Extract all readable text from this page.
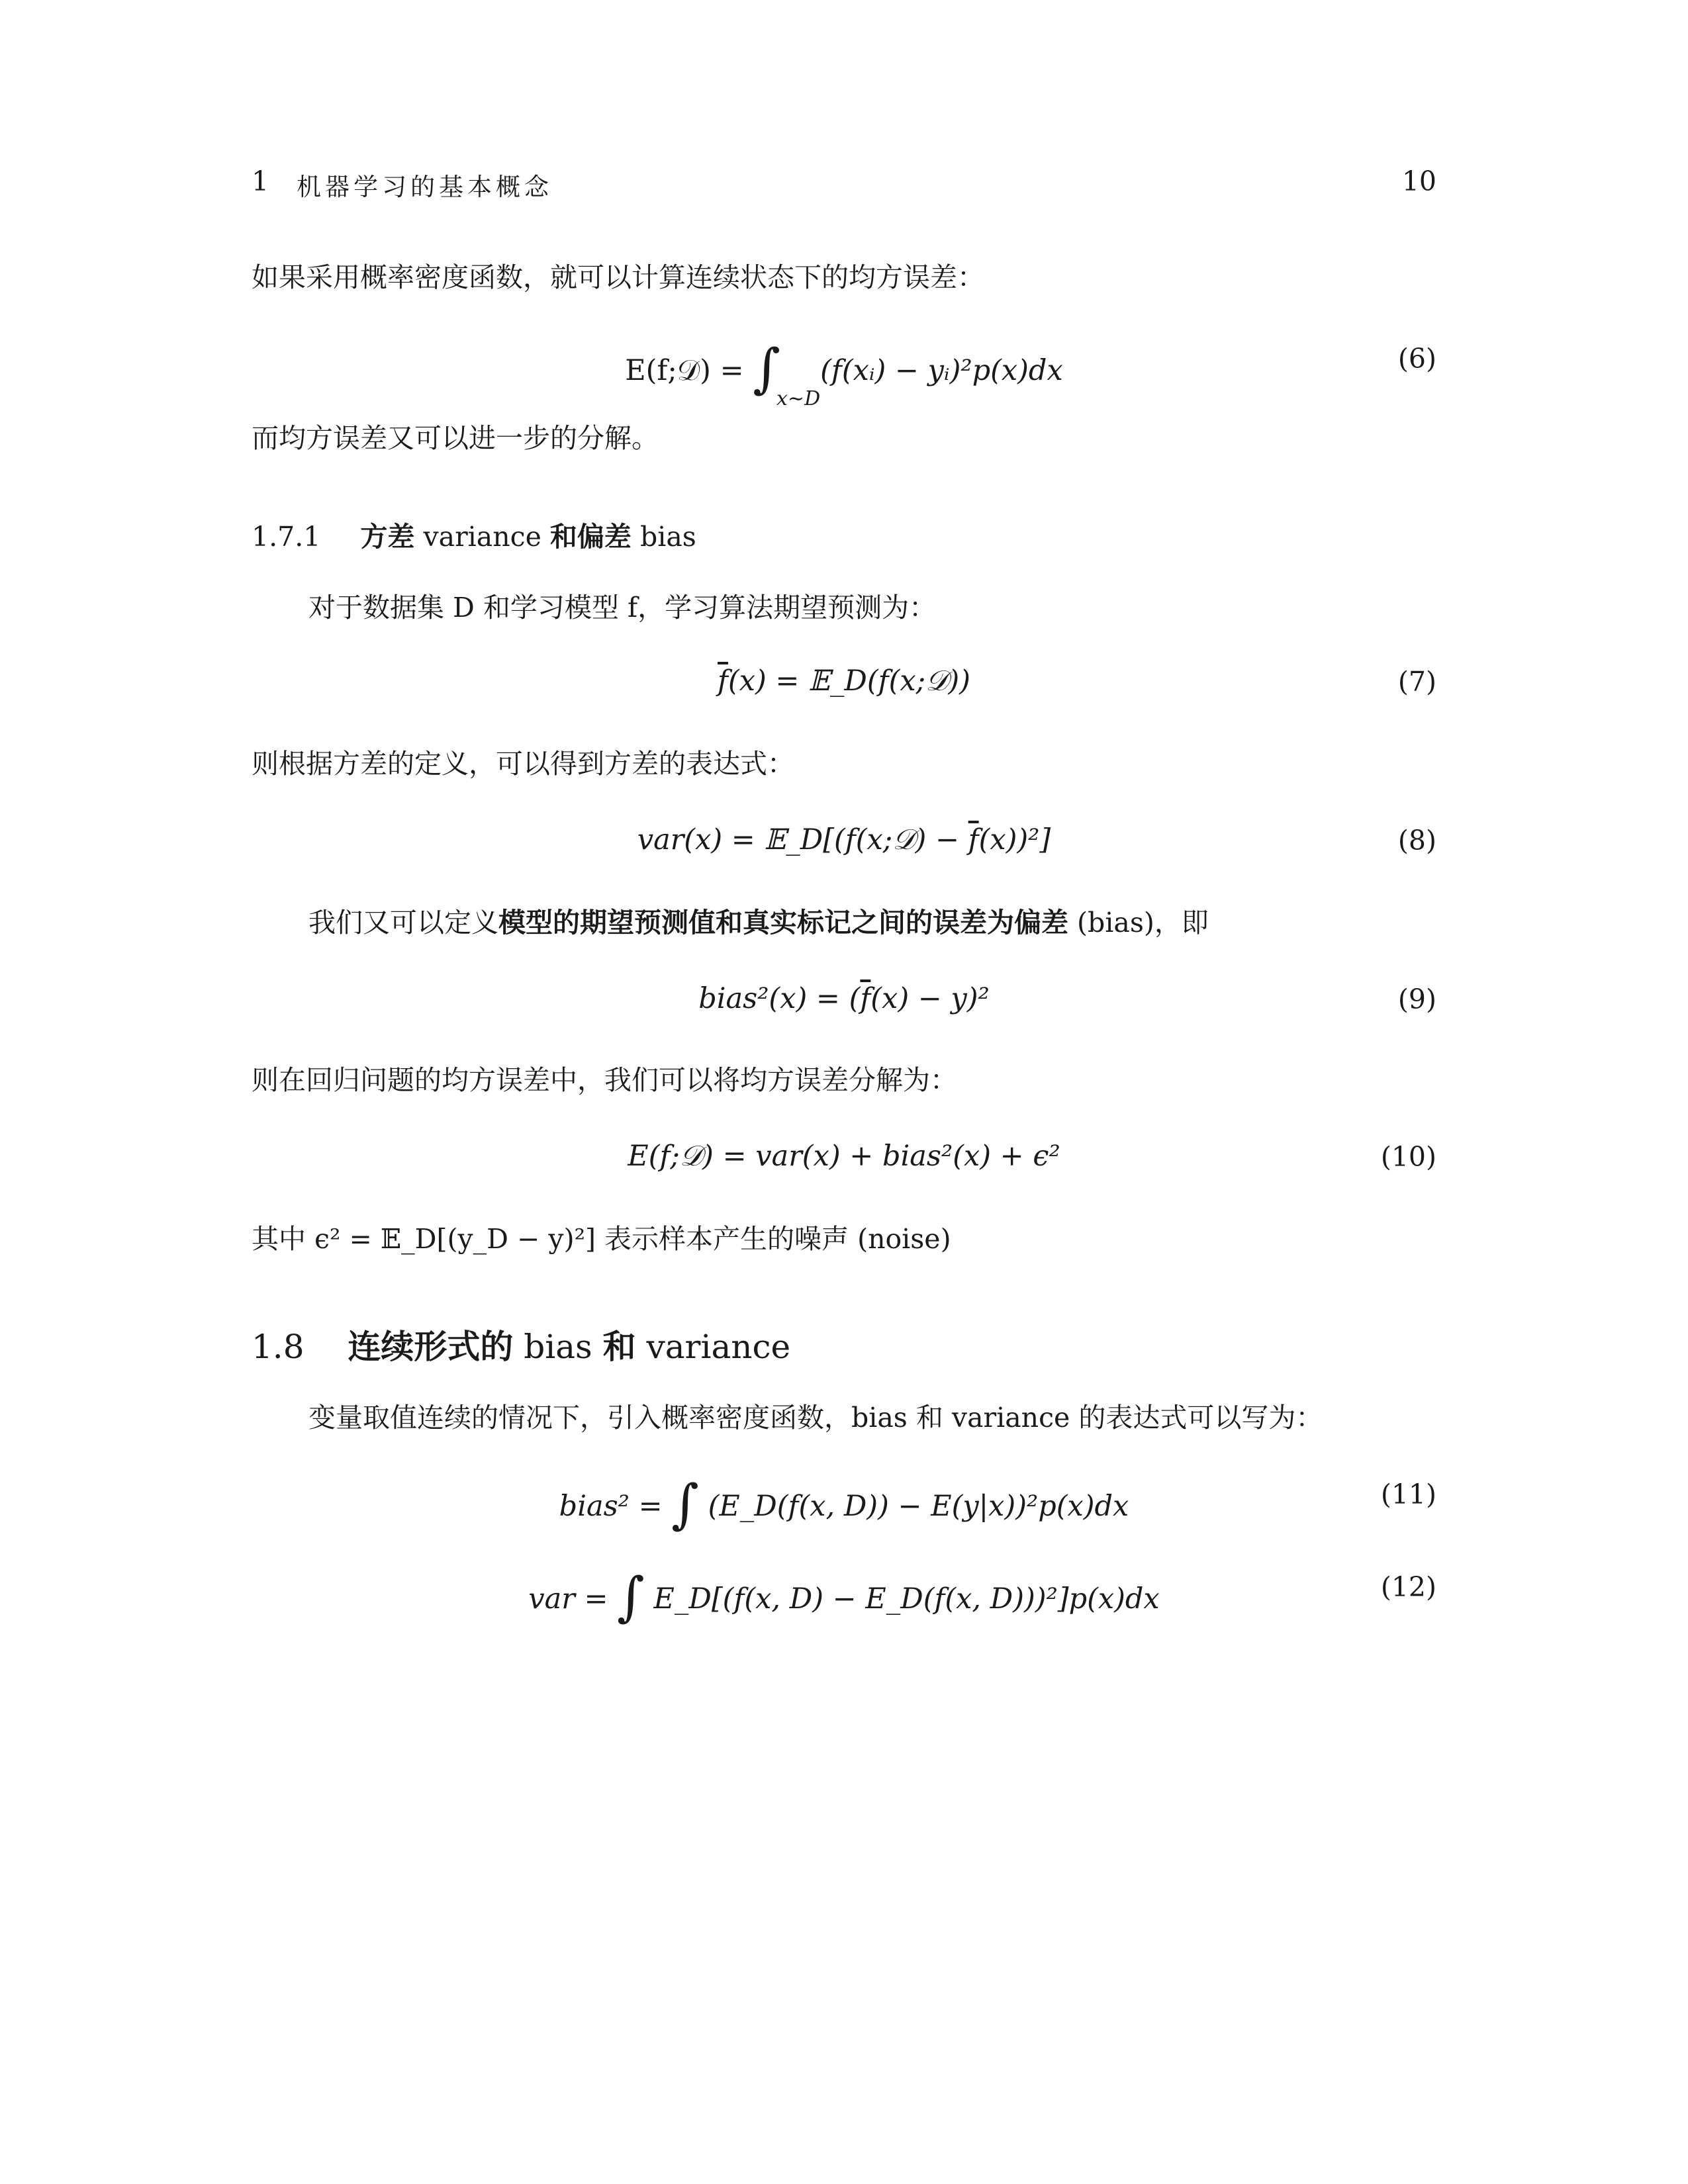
1 机器学习的基本概念	10
如果采用概率密度函数，就可以计算连续状态下的均方误差：
E(f;𝒟) = $\int_{x\sim D}(f(xᵢ)$ − yᵢ)²p(x)dx	(6)
而均方误差又可以进一步的分解。
1.7.1 方差 variance 和偏差 bias
对于数据集 D 和学习模型 f，学习算法期望预测为：
$\overline{f}(x)$ = 𝔼_D(f(x;𝒟))	(7)
则根据方差的定义，可以得到方差的表达式：
var(x) = 𝔼_D[(f(x;𝒟) − $\overline{f}(x))^2$]	(8)
我们又可以定义模型的期望预测值和真实标记之间的误差为偏差 (bias)，即
bias²(x) = $(\overline{f}(x) - y)^2$	(9)
则在回归问题的均方误差中，我们可以将均方误差分解为：
E(f;𝒟) = var(x) + bias²(x) + ϵ²	(10)
其中 ϵ² = 𝔼_D[(y_D − y)²] 表示样本产生的噪声 (noise)
1.8 连续形式的 bias 和 variance
变量取值连续的情况下，引入概率密度函数，bias 和 variance 的表达式可以写为：
bias² = ∫ (E_D(f(x, D)) − E(y|x))²p(x)dx	(11)
var = ∫ E_D[(f(x, D) − E_D(f(x, D)))²]p(x)dx	(12)
